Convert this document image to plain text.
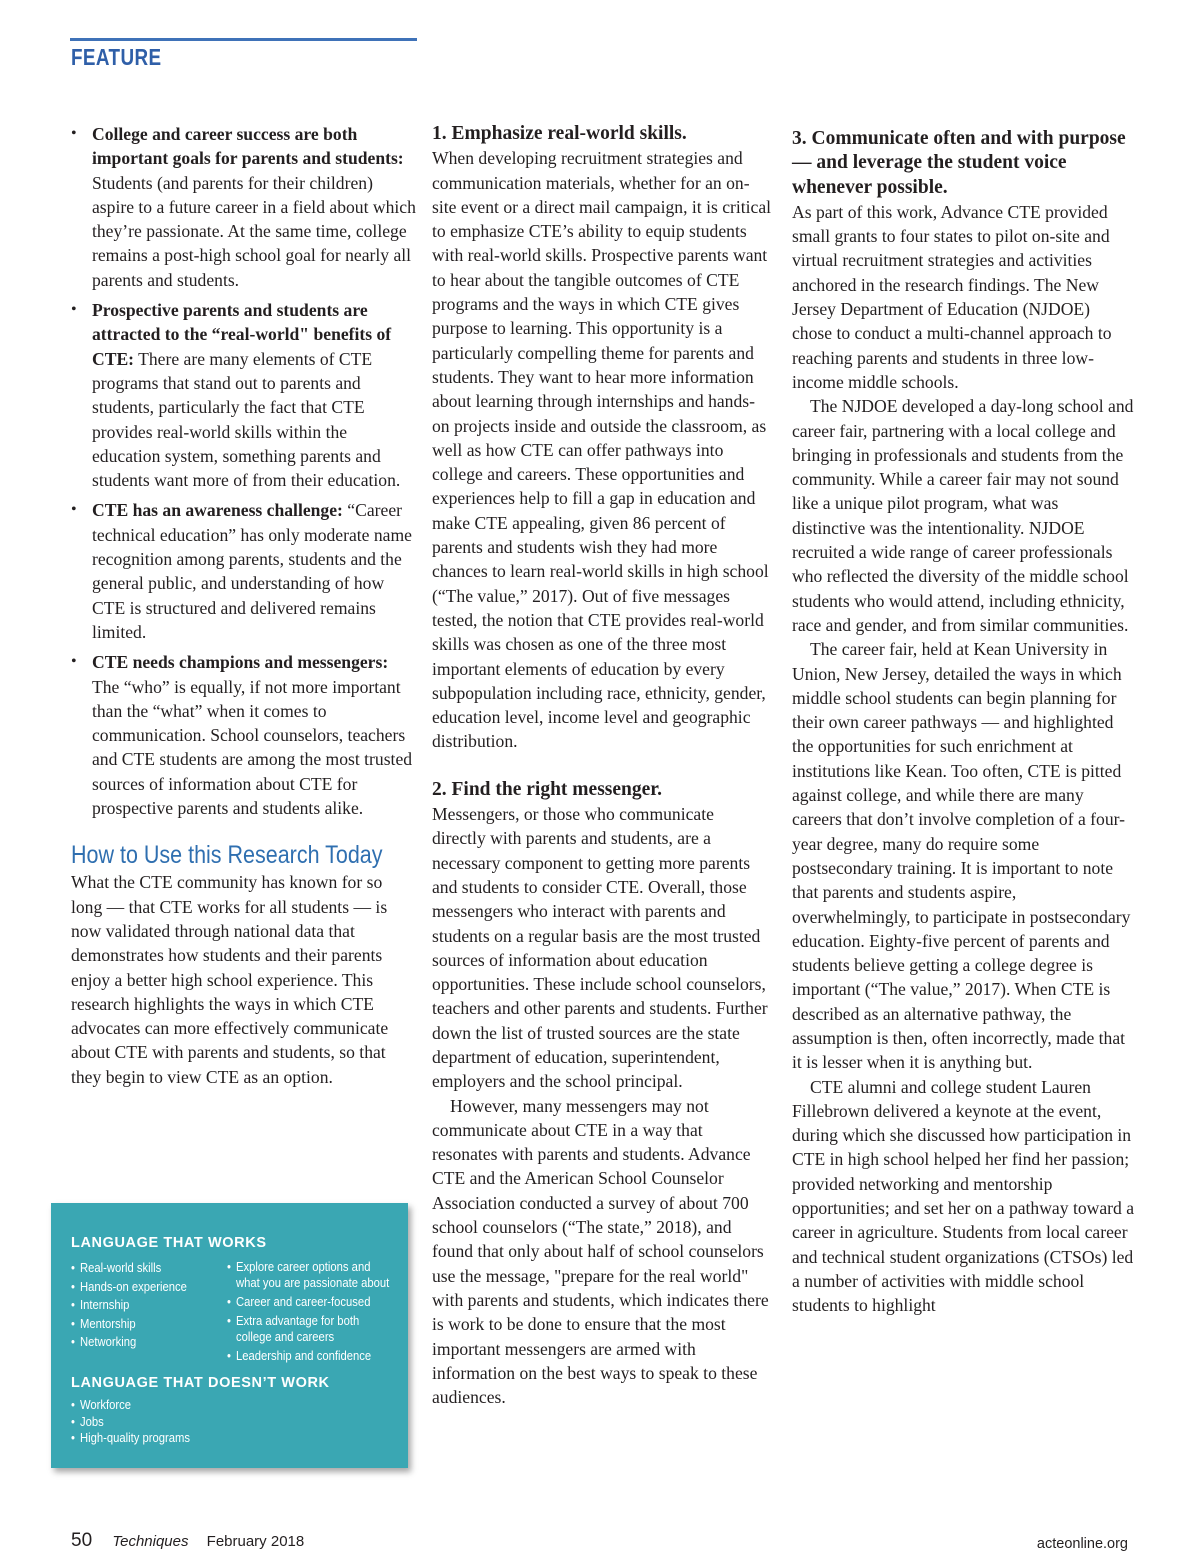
FEATURE
• College and career success are both important goals for parents and students: Students (and parents for their children) aspire to a future career in a field about which they’re passionate. At the same time, college remains a post-high school goal for nearly all parents and students.
• Prospective parents and students are attracted to the “real-world" benefits of CTE: There are many elements of CTE programs that stand out to parents and students, particularly the fact that CTE provides real-world skills within the education system, something parents and students want more of from their education.
• CTE has an awareness challenge: “Career technical education” has only moderate name recognition among parents, students and the general public, and understanding of how CTE is structured and delivered remains limited.
• CTE needs champions and messengers: The “who” is equally, if not more important than the “what” when it comes to communication. School counselors, teachers and CTE students are among the most trusted sources of information about CTE for prospective parents and students alike.
How to Use this Research Today

What the CTE community has known for so long — that CTE works for all students — is now validated through national data that demonstrates how students and their parents enjoy a better high school experience. This research highlights the ways in which CTE advocates can more effectively communicate about CTE with parents and students, so that they begin to view CTE as an option.

LANGUAGE THAT WORKS
• Real-world skills
• Hands-on experience
• Internship
• Mentorship
• Networking
• Explore career options and
what you are passionate about
• Career and career-focused
• Extra advantage for both
college and careers
• Leadership and confidence
LANGUAGE THAT DOESN’T WORK
• Workforce
• Jobs
• High-quality programs

1. Emphasize real-world skills.

When developing recruitment strategies and communication materials, whether for an on-site event or a direct mail campaign, it is critical to emphasize CTE’s ability to equip students with real-world skills. Prospective parents want to hear about the tangible outcomes of CTE programs and the ways in which CTE gives purpose to learning. This opportunity is a particularly compelling theme for parents and students. They want to hear more information about learning through internships and hands-on projects inside and outside the classroom, as well as how CTE can offer pathways into college and careers. These opportunities and experiences help to fill a gap in education and make CTE appealing, given 86 percent of parents and students wish they had more chances to learn real-world skills in high school (“The value,” 2017). Out of five messages tested, the notion that CTE provides real-world skills was chosen as one of the three most important elements of education by every subpopulation including race, ethnicity, gender, education level, income level and geographic distribution.

2. Find the right messenger.

Messengers, or those who communicate directly with parents and students, are a necessary component to getting more parents and students to consider CTE. Overall, those messengers who interact with parents and students on a regular basis are the most trusted sources of information about education opportunities. These include school counselors, teachers and other parents and students. Further down the list of trusted sources are the state department of education, superintendent, employers and the school principal.

However, many messengers may not communicate about CTE in a way that resonates with parents and students. Advance CTE and the American School Counselor Association conducted a survey of about 700 school counselors (“The state,” 2018), and found that only about half of school counselors use the message, "prepare for the real world" with parents and students, which indicates there is work to be done to ensure that the most important messengers are armed with information on the best ways to speak to these audiences.

3. Communicate often and with purpose — and leverage the student voice whenever possible.

As part of this work, Advance CTE provided small grants to four states to pilot on-site and virtual recruitment strategies and activities anchored in the research findings. The New Jersey Department of Education (NJDOE) chose to conduct a multi-channel approach to reaching parents and students in three low-income middle schools.

The NJDOE developed a day-long school and career fair, partnering with a local college and bringing in professionals and students from the community. While a career fair may not sound like a unique pilot program, what was distinctive was the intentionality. NJDOE recruited a wide range of career professionals who reflected the diversity of the middle school students who would attend, including ethnicity, race and gender, and from similar communities.

The career fair, held at Kean University in Union, New Jersey, detailed the ways in which middle school students can begin planning for their own career pathways — and highlighted the opportunities for such enrichment at institutions like Kean. Too often, CTE is pitted against college, and while there are many careers that don’t involve completion of a four-year degree, many do require some postsecondary training. It is important to note that parents and students aspire, overwhelmingly, to participate in postsecondary education. Eighty-five percent of parents and students believe getting a college degree is important (“The value,” 2017). When CTE is described as an alternative pathway, the assumption is then, often incorrectly, made that it is lesser when it is anything but.

CTE alumni and college student Lauren Fillebrown delivered a keynote at the event, during which she discussed how participation in CTE in high school helped her find her passion; provided networking and mentorship opportunities; and set her on a pathway toward a career in agriculture. Students from local career and technical student organizations (CTSOs) led a number of activities with middle school students to highlight

50 Techniques February 2018	acteonline.org
